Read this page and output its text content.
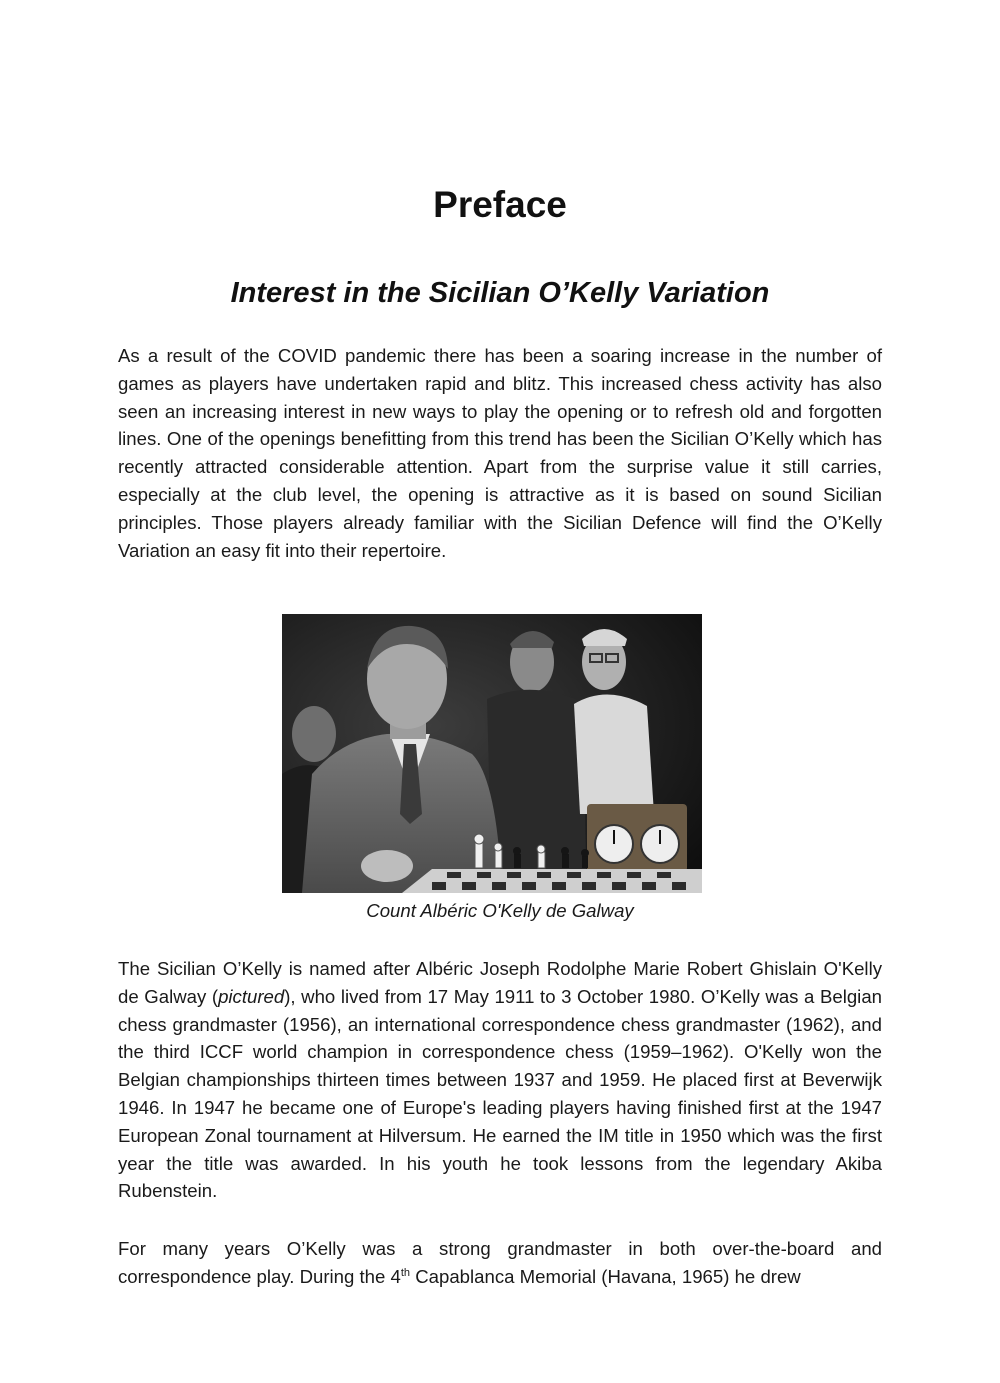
Preface
Interest in the Sicilian O’Kelly Variation

As a result of the COVID pandemic there has been a soaring increase in the number of games as players have undertaken rapid and blitz. This increased chess activity has also seen an increasing interest in new ways to play the opening or to refresh old and forgotten lines. One of the openings benefitting from this trend has been the Sicilian O’Kelly which has recently attracted considerable attention. Apart from the surprise value it still carries, especially at the club level, the opening is attractive as it is based on sound Sicilian principles. Those players already familiar with the Sicilian Defence will find the O’Kelly Variation an easy fit into their repertoire.

Count Albéric O'Kelly de Galway

The Sicilian O’Kelly is named after Albéric Joseph Rodolphe Marie Robert Ghislain O'Kelly de Galway (pictured), who lived from 17 May 1911 to 3 October 1980. O’Kelly was a Belgian chess grandmaster (1956), an international correspondence chess grandmaster (1962), and the third ICCF world champion in correspondence chess (1959–1962). O'Kelly won the Belgian championships thirteen times between 1937 and 1959. He placed first at Beverwijk 1946. In 1947 he became one of Europe's leading players having finished first at the 1947 European Zonal tournament at Hilversum. He earned the IM title in 1950 which was the first year the title was awarded. In his youth he took lessons from the legendary Akiba Rubenstein.

For many years O’Kelly was a strong grandmaster in both over-the-board and correspondence play. During the 4th Capablanca Memorial (Havana, 1965) he drew
